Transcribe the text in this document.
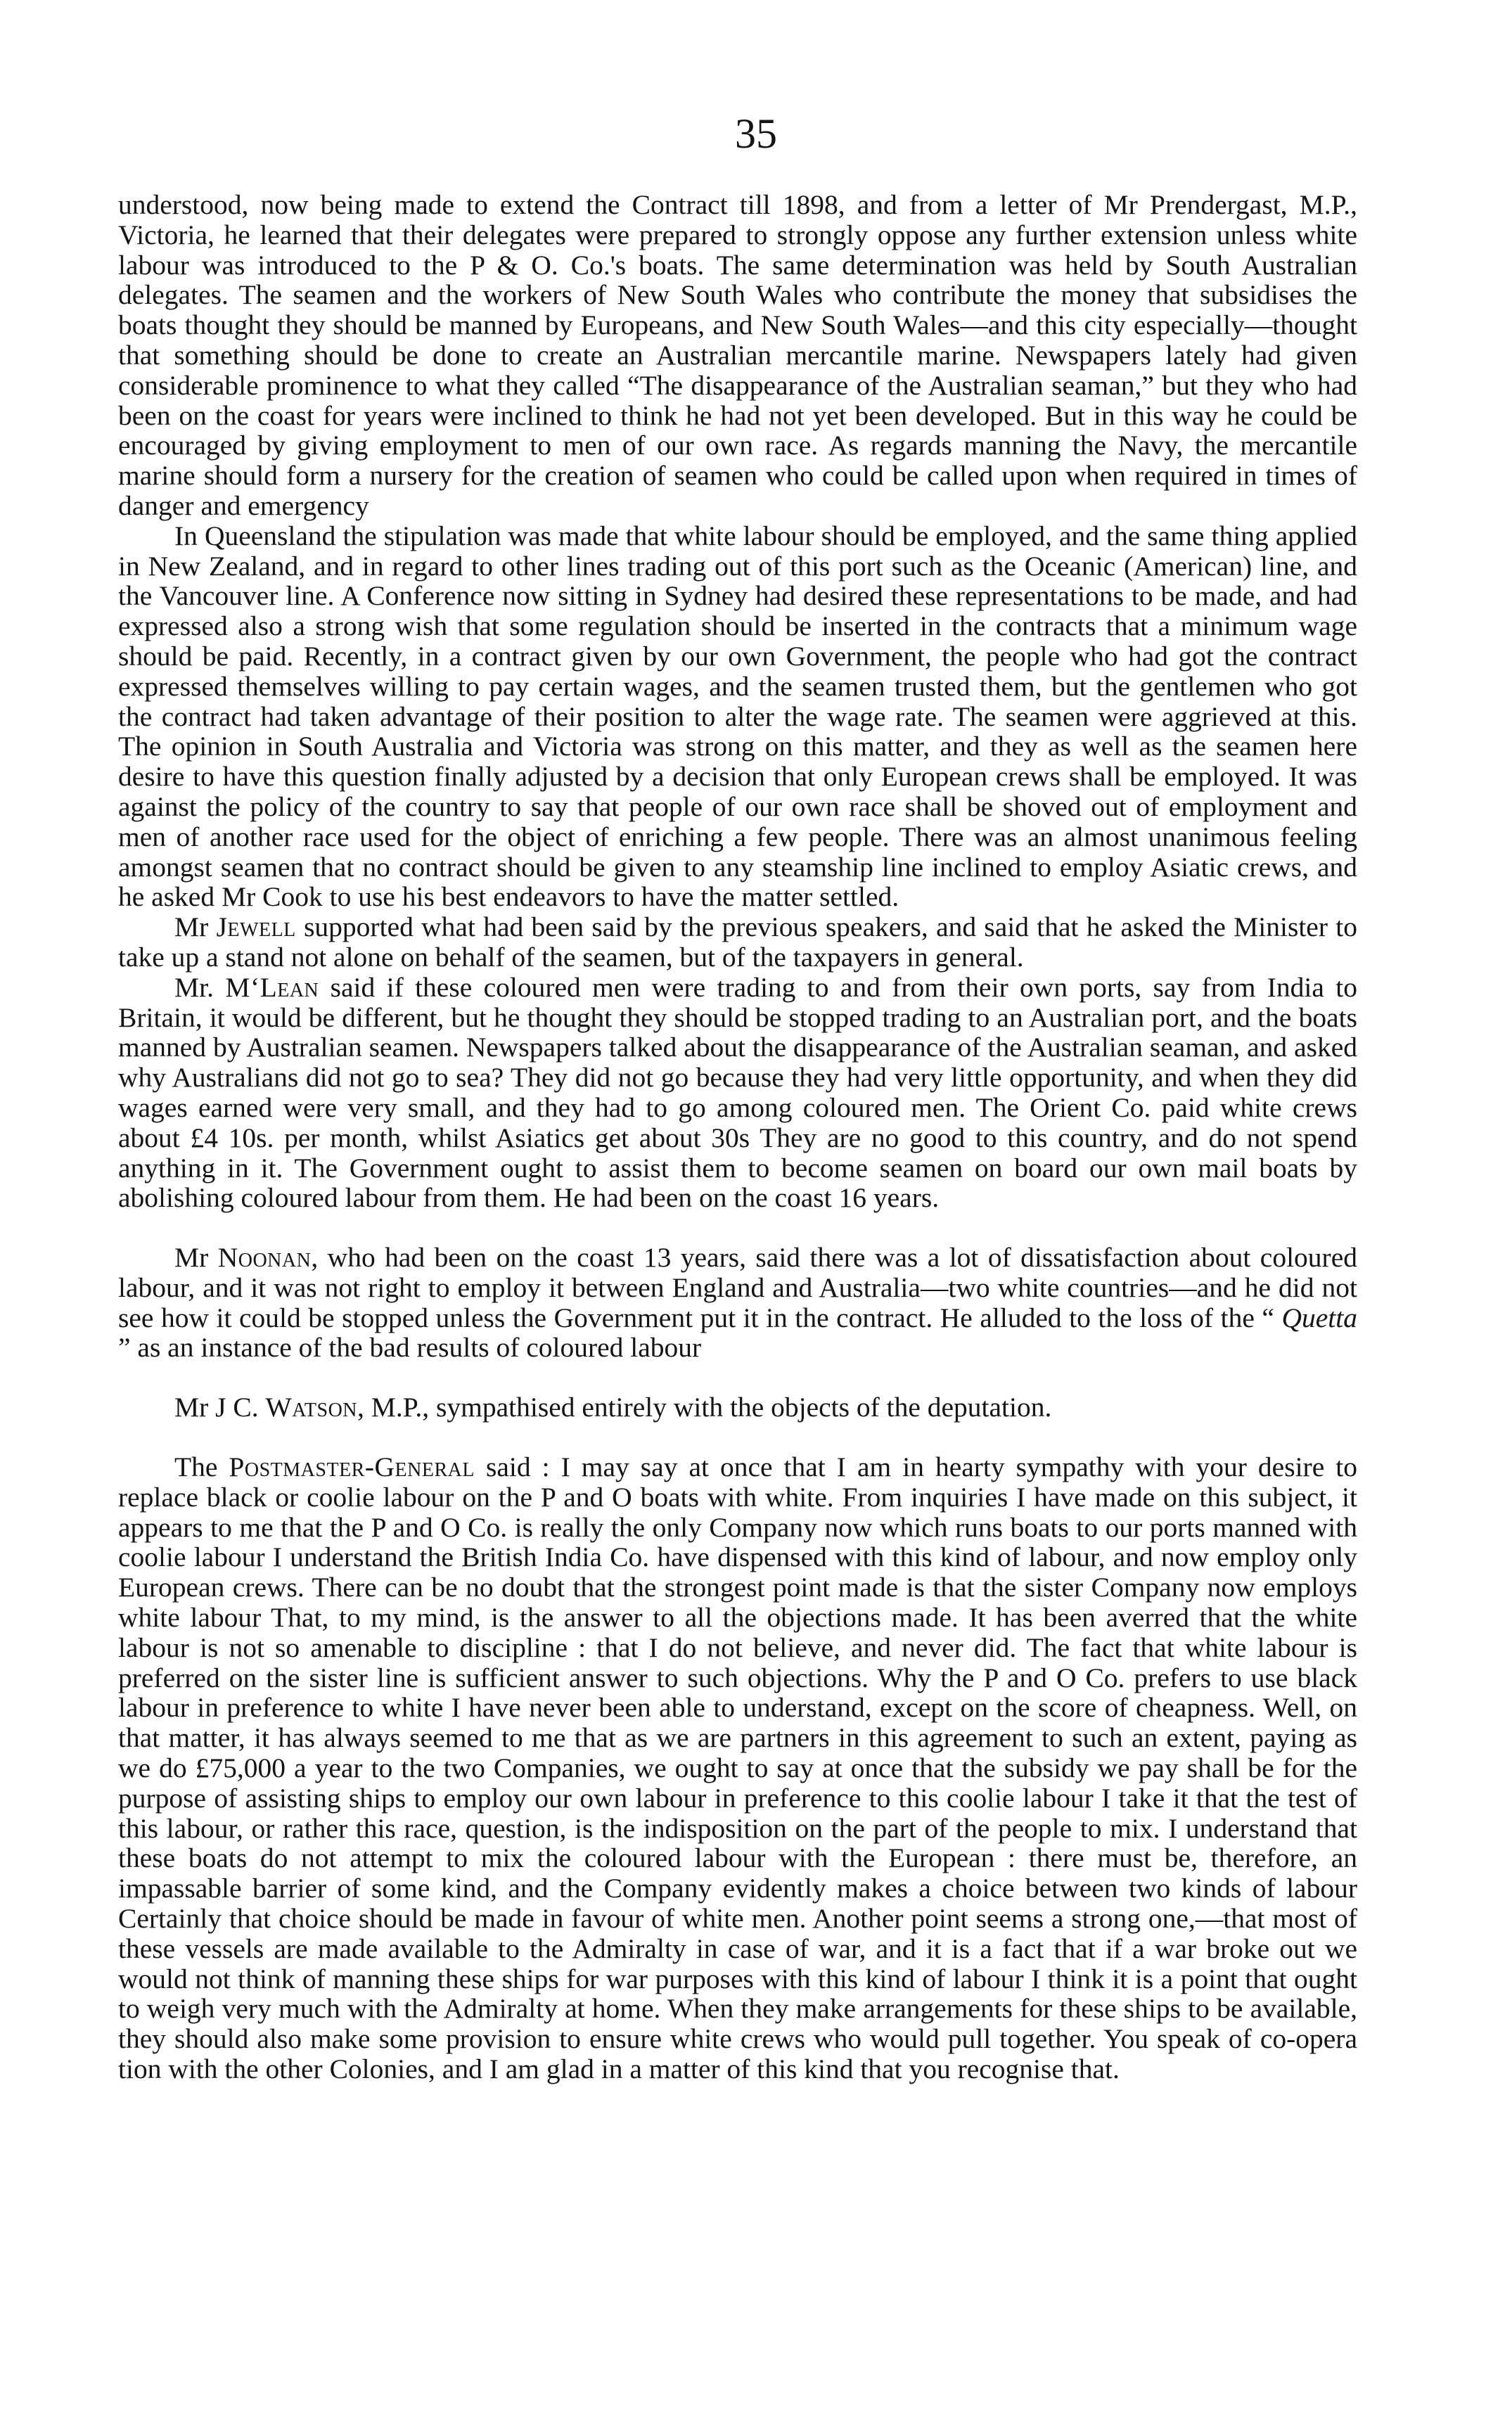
35

understood, now being made to extend the Contract till 1898, and from a letter of Mr Prendergast, M.P., Victoria, he learned that their delegates were prepared to strongly oppose any further extension unless white labour was introduced to the P & O. Co.'s boats. The same determination was held by South Australian delegates. The seamen and the workers of New South Wales who contribute the money that subsidises the boats thought they should be manned by Europeans, and New South Wales—and this city especially—thought that something should be done to create an Australian mercantile marine. Newspapers lately had given considerable prominence to what they called “The disappearance of the Australian seaman,” but they who had been on the coast for years were inclined to think he had not yet been developed. But in this way he could be encouraged by giving employment to men of our own race. As regards manning the Navy, the mercantile marine should form a nursery for the creation of seamen who could be called upon when required in times of danger and emergency

In Queensland the stipulation was made that white labour should be employed, and the same thing applied in New Zealand, and in regard to other lines trading out of this port such as the Oceanic (American) line, and the Vancouver line. A Conference now sitting in Sydney had desired these representations to be made, and had expressed also a strong wish that some regulation should be inserted in the contracts that a minimum wage should be paid. Recently, in a contract given by our own Government, the people who had got the contract expressed themselves willing to pay certain wages, and the seamen trusted them, but the gentlemen who got the contract had taken advantage of their position to alter the wage rate. The seamen were aggrieved at this. The opinion in South Australia and Victoria was strong on this matter, and they as well as the seamen here desire to have this question finally adjusted by a decision that only European crews shall be employed. It was against the policy of the country to say that people of our own race shall be shoved out of employment and men of another race used for the object of enriching a few people. There was an almost unanimous feeling amongst seamen that no contract should be given to any steamship line inclined to employ Asiatic crews, and he asked Mr Cook to use his best endeavors to have the matter settled.

Mr Jewell supported what had been said by the previous speakers, and said that he asked the Minister to take up a stand not alone on behalf of the seamen, but of the taxpayers in general.

Mr. M‘Lean said if these coloured men were trading to and from their own ports, say from India to Britain, it would be different, but he thought they should be stopped trading to an Australian port, and the boats manned by Australian seamen. Newspapers talked about the disappearance of the Australian seaman, and asked why Australians did not go to sea? They did not go because they had very little opportunity, and when they did wages earned were very small, and they had to go among coloured men. The Orient Co. paid white crews about £4 10s. per month, whilst Asiatics get about 30s They are no good to this country, and do not spend anything in it. The Government ought to assist them to become seamen on board our own mail boats by abolishing coloured labour from them. He had been on the coast 16 years.

Mr Noonan, who had been on the coast 13 years, said there was a lot of dissatisfaction about coloured labour, and it was not right to employ it between England and Australia—two white countries—and he did not see how it could be stopped unless the Government put it in the contract. He alluded to the loss of the “ Quetta ” as an instance of the bad results of coloured labour

Mr J C. Watson, M.P., sympathised entirely with the objects of the deputation.

The Postmaster-General said : I may say at once that I am in hearty sympathy with your desire to replace black or coolie labour on the P and O boats with white. From inquiries I have made on this subject, it appears to me that the P and O Co. is really the only Company now which runs boats to our ports manned with coolie labour I understand the British India Co. have dispensed with this kind of labour, and now employ only European crews. There can be no doubt that the strongest point made is that the sister Company now employs white labour That, to my mind, is the answer to all the objections made. It has been averred that the white labour is not so amenable to discipline : that I do not believe, and never did. The fact that white labour is preferred on the sister line is sufficient answer to such objections. Why the P and O Co. prefers to use black labour in preference to white I have never been able to understand, except on the score of cheapness. Well, on that matter, it has always seemed to me that as we are partners in this agreement to such an extent, paying as we do £75,000 a year to the two Companies, we ought to say at once that the subsidy we pay shall be for the purpose of assisting ships to employ our own labour in preference to this coolie labour I take it that the test of this labour, or rather this race, question, is the indisposition on the part of the people to mix. I understand that these boats do not attempt to mix the coloured labour with the European : there must be, therefore, an impassable barrier of some kind, and the Company evidently makes a choice between two kinds of labour Certainly that choice should be made in favour of white men. Another point seems a strong one,—that most of these vessels are made available to the Admiralty in case of war, and it is a fact that if a war broke out we would not think of manning these ships for war purposes with this kind of labour I think it is a point that ought to weigh very much with the Admiralty at home. When they make arrangements for these ships to be available, they should also make some provision to ensure white crews who would pull together. You speak of co-opera tion with the other Colonies, and I am glad in a matter of this kind that you recognise that.
